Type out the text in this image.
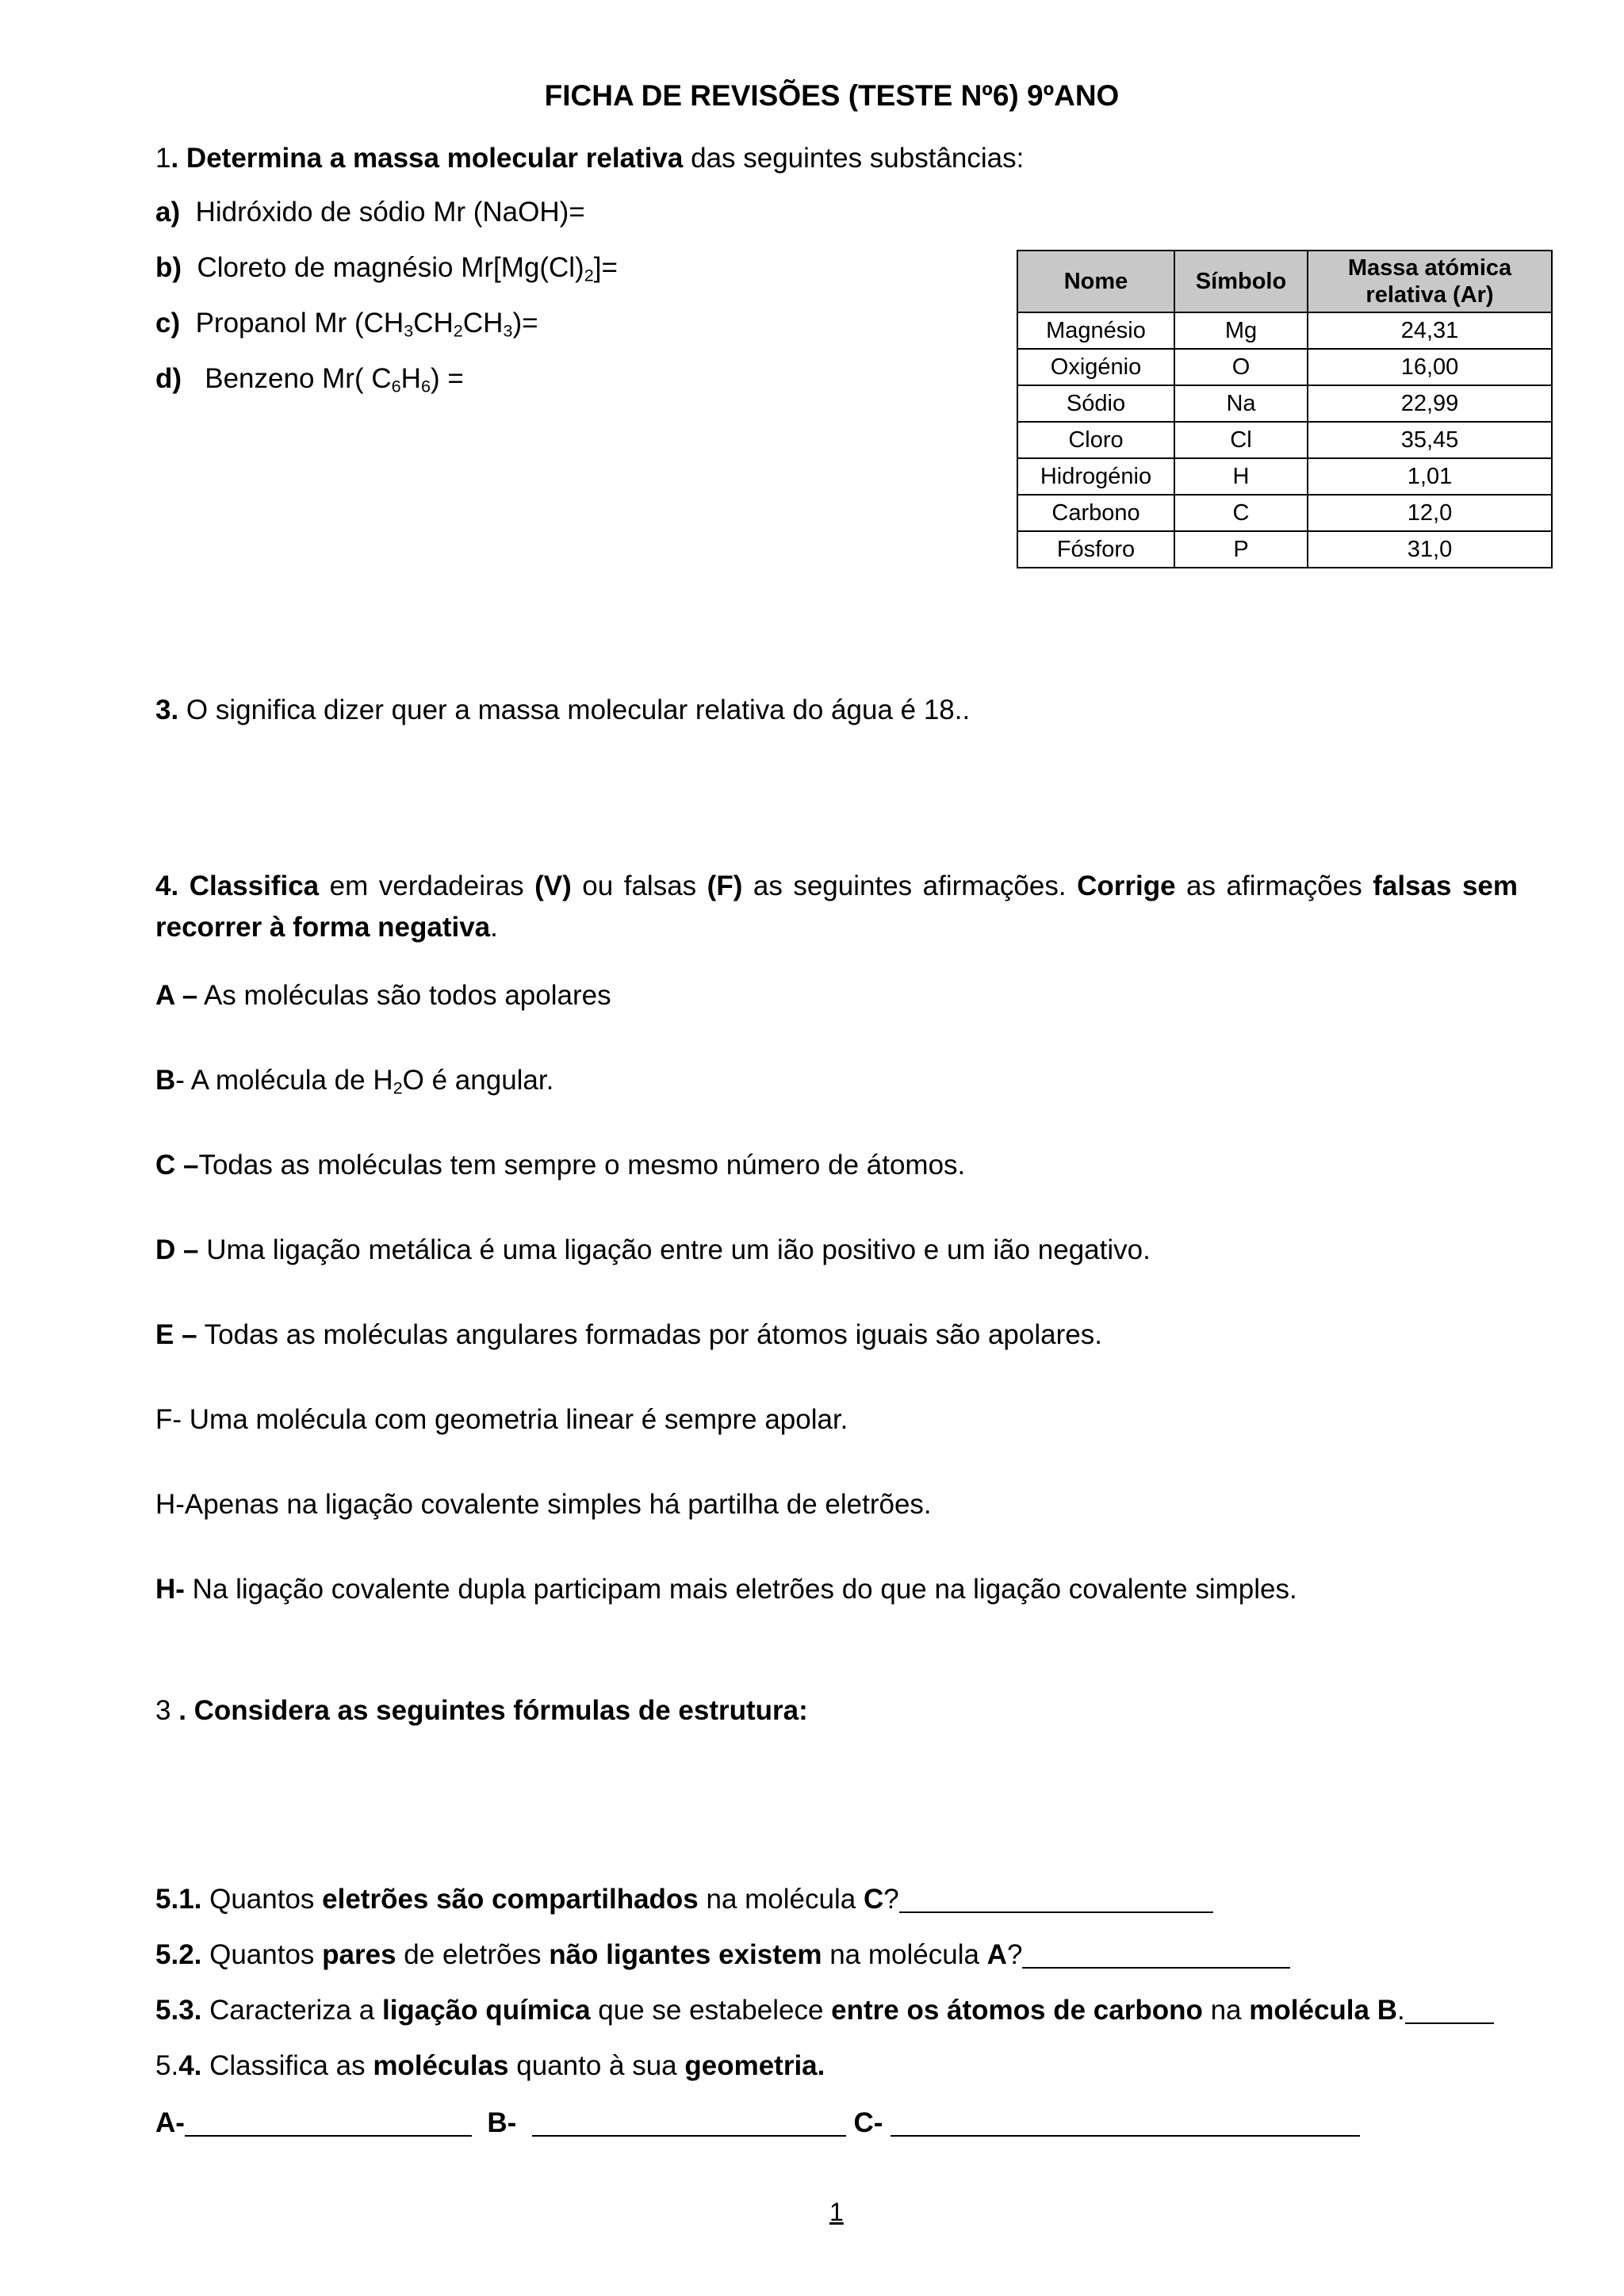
FICHA DE REVISÕES (TESTE Nº6) 9ºANO
1. Determina a massa molecular relativa das seguintes substâncias:
a) Hidróxido de sódio Mr (NaOH)=
b) Cloreto de magnésio $Mr[Mg(Cl)_2]=$
c) Propanol Mr $(CH_3CH_2CH_3)=$
d) Benzeno Mr( $C_6H_6$) =
Nome	Símbolo	Massa atómica relativa (Ar)
Magnésio	Mg	24,31
Oxigénio	O	16,00
Sódio	Na	22,99
Cloro	Cl	35,45
Hidrogénio	H	1,01
Carbono	C	12,0
Fósforo	P	31,0
3. O significa dizer quer a massa molecular relativa do água é 18..
4. Classifica em verdadeiras (V) ou falsas (F) as seguintes afirmações. Corrige as afirmações falsas sem recorrer à forma negativa.
A – As moléculas são todos apolares
B- A molécula de $H_2O$ é angular.
C –Todas as moléculas tem sempre o mesmo número de átomos.
D – Uma ligação metálica é uma ligação entre um ião positivo e um ião negativo.
E – Todas as moléculas angulares formadas por átomos iguais são apolares.
F- Uma molécula com geometria linear é sempre apolar.
H-Apenas na ligação covalente simples há partilha de eletrões.
H- Na ligação covalente dupla participam mais eletrões do que na ligação covalente simples.
3 . Considera as seguintes fórmulas de estrutura:
5.1. Quantos eletrões são compartilhados na molécula C?
5.2. Quantos pares de eletrões não ligantes existem na molécula A?
5.3. Caracteriza a ligação química que se estabelece entre os átomos de carbono na molécula B.
5.4. Classifica as moléculas quanto à sua geometria.
A-	B-	C-
1
